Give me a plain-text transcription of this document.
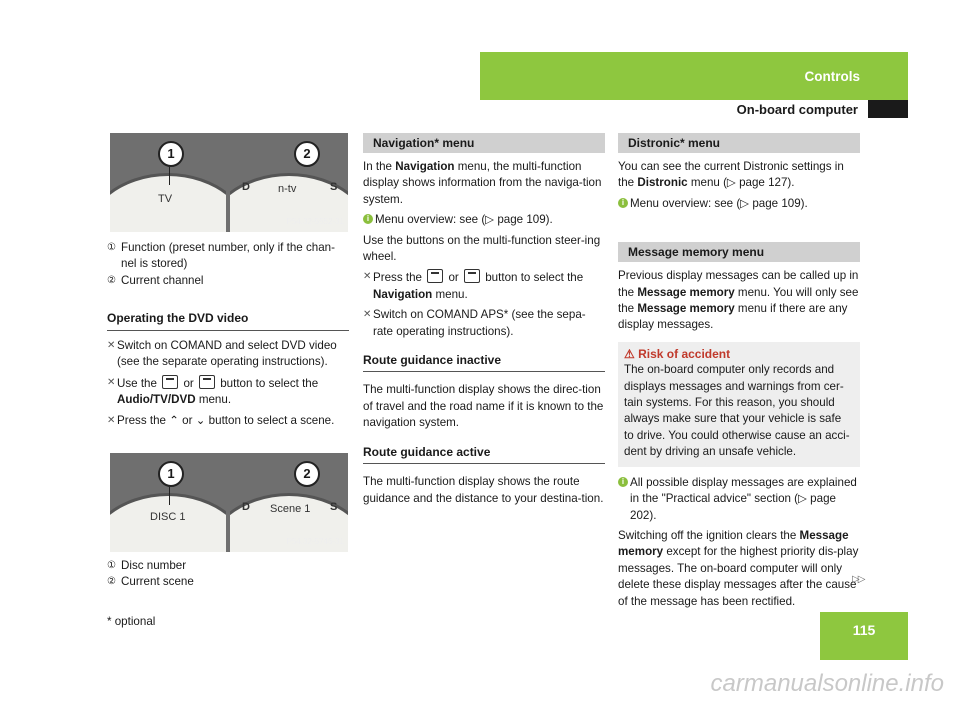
Controls
On-board computer
1
TV
2
D	n-tv	S
P54.32-5552-31
① Function (preset number, only if the chan-nel is stored)
② Current channel
Operating the DVD video
✕ Switch on COMAND and select DVD video (see the separate operating instructions).
✕ Use the or button to select the Audio/TV/DVD menu.
✕ Press the ⌃ or ⌄ button to select a scene.
1
DISC 1
2
D Scene 1 S
P54.32-5746-31
① Disc number
② Current scene
Navigation* menu

In the Navigation menu, the multi-function display shows information from the naviga-tion system.

i Menu overview: see (▷ page 109).

Use the buttons on the multi-function steer-ing wheel.

✕ Press the or button to select the Navigation menu.
✕ Switch on COMAND APS* (see the sepa-rate operating instructions).
Route guidance inactive

The multi-function display shows the direc-tion of travel and the road name if it is known to the navigation system.

Route guidance active

The multi-function display shows the route guidance and the distance to your destina-tion.

Distronic* menu

You can see the current Distronic settings in the Distronic menu (▷ page 127).

i Menu overview: see (▷ page 109).
Message memory menu

Previous display messages can be called up in the Message memory menu. You will only see the Message memory menu if there are any display messages.

⚠ Risk of accident

The on-board computer only records and displays messages and warnings from cer-tain systems. For this reason, you should always make sure that your vehicle is safe to drive. You could otherwise cause an acci-dent by driving an unsafe vehicle.

i All possible display messages are explained in the "Practical advice" section (▷ page 202).

Switching off the ignition clears the Message memory except for the highest priority dis-play messages. The on-board computer will only delete these display messages after the cause of the message has been rectified.

▷▷
* optional
115
carmanualsonline.info
